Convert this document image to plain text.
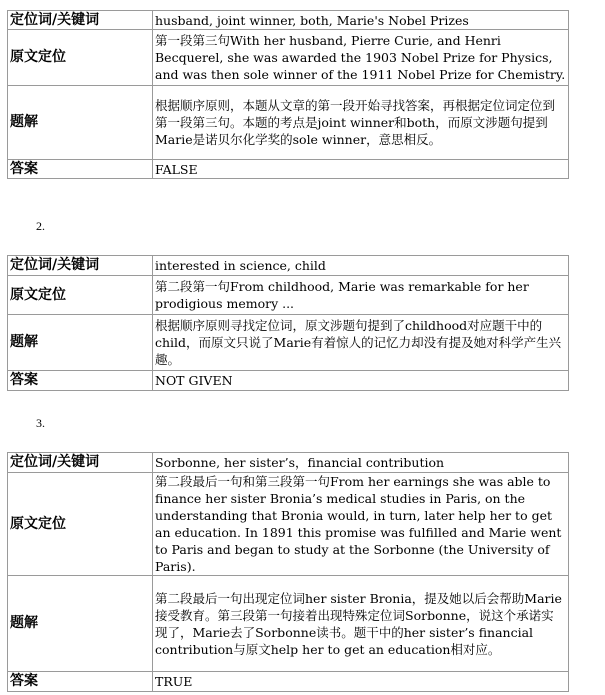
定位词/关键词	husband, joint winner, both, Marie's Nobel Prizes
原文定位	第一段第三句With her husband, Pierre Curie, and Henri Becquerel, she was awarded the 1903 Nobel Prize for Physics, and was then sole winner of the 1911 Nobel Prize for Chemistry.
题解	根据顺序原则，本题从文章的第一段开始寻找答案，再根据定位词定位到第一段第三句。本题的考点是joint winner和both，而原文涉题句提到Marie是诺贝尔化学奖的sole winner，意思相反。
答案	FALSE
2.
定位词/关键词	interested in science, child
原文定位	第二段第一句From childhood, Marie was remarkable for her prodigious memory ...
题解	根据顺序原则寻找定位词，原文涉题句提到了childhood对应题干中的child，而原文只说了Marie有着惊人的记忆力却没有提及她对科学产生兴趣。
答案	NOT GIVEN
3.
定位词/关键词	Sorbonne, her sister’s，financial contribution
原文定位	第二段最后一句和第三段第一句From her earnings she was able to finance her sister Bronia’s medical studies in Paris, on the understanding that Bronia would, in turn, later help her to get an education. In 1891 this promise was fulfilled and Marie went to Paris and began to study at the Sorbonne (the University of Paris).
题解	第二段最后一句出现定位词her sister Bronia，提及她以后会帮助Marie接受教育。第三段第一句接着出现特殊定位词Sorbonne，说这个承诺实现了，Marie去了Sorbonne读书。题干中的her sister’s financial contribution与原文help her to get an education相对应。
答案	TRUE
